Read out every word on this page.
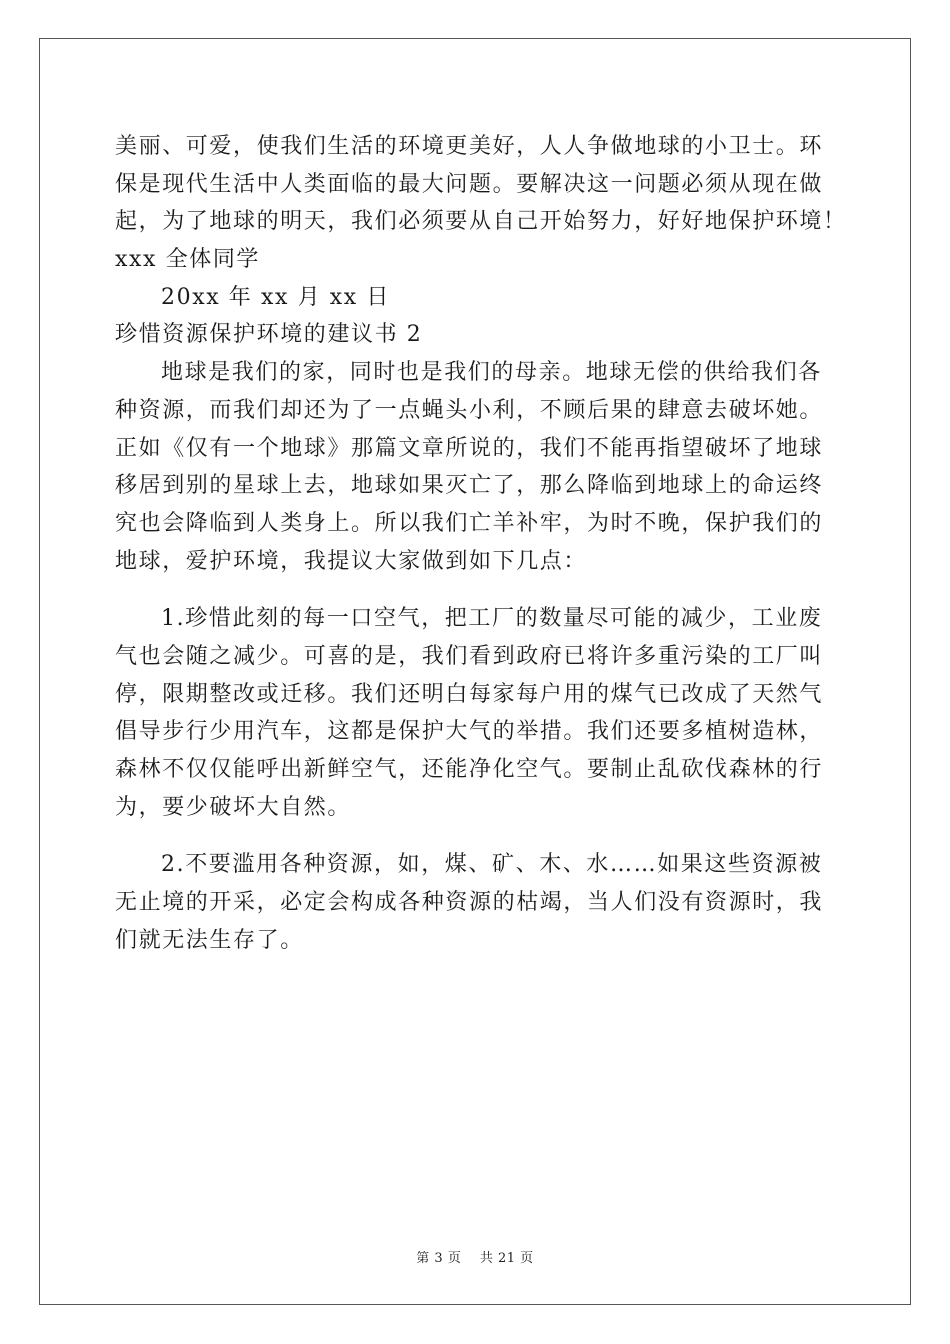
美丽、可爱，使我们生活的环境更美好，人人争做地球的小卫士。环
保是现代生活中人类面临的最大问题。要解决这一问题必须从现在做
起，为了地球的明天，我们必须要从自己开始努力，好好地保护环境！
xxx 全体同学
20xx 年 xx 月 xx 日
珍惜资源保护环境的建议书 2
地球是我们的家，同时也是我们的母亲。地球无偿的供给我们各
种资源，而我们却还为了一点蝇头小利，不顾后果的肆意去破坏她。
正如《仅有一个地球》那篇文章所说的，我们不能再指望破坏了地球
移居到别的星球上去，地球如果灭亡了，那么降临到地球上的命运终
究也会降临到人类身上。所以我们亡羊补牢，为时不晚，保护我们的
地球，爱护环境，我提议大家做到如下几点：
1.珍惜此刻的每一口空气，把工厂的数量尽可能的减少，工业废
气也会随之减少。可喜的是，我们看到政府已将许多重污染的工厂叫
停，限期整改或迁移。我们还明白每家每户用的煤气已改成了天然气
倡导步行少用汽车，这都是保护大气的举措。我们还要多植树造林，
森林不仅仅能呼出新鲜空气，还能净化空气。要制止乱砍伐森林的行
为，要少破坏大自然。
2.不要滥用各种资源，如，煤、矿、木、水……如果这些资源被
无止境的开采，必定会构成各种资源的枯竭，当人们没有资源时，我
们就无法生存了。
第 3 页 共 21 页
